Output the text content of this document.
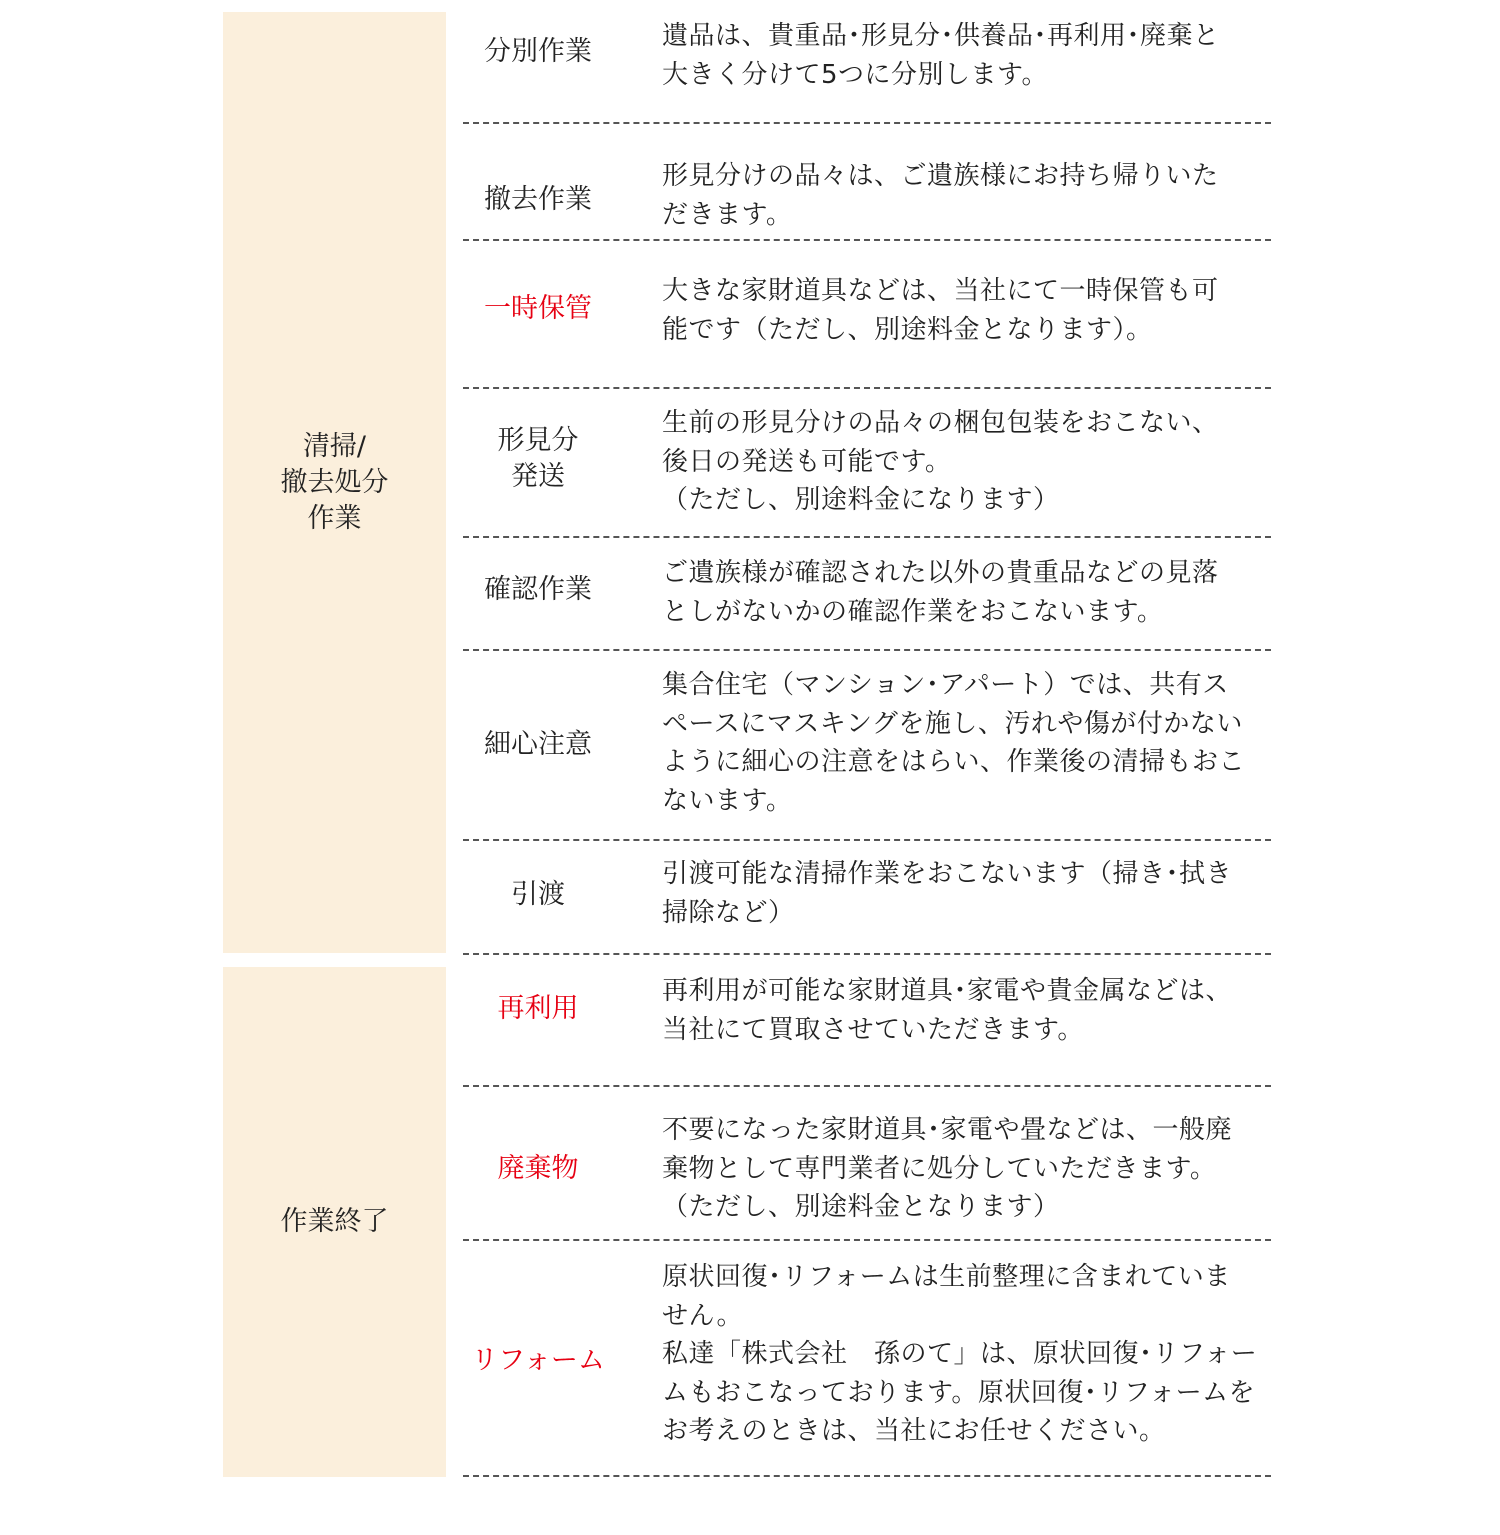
清掃/
撤去処分
作業
分別作業	遺品は、貴重品･形見分･供養品･再利用･廃棄と
大きく分けて5つに分別します。
撤去作業
形見分けの品々は、ご遺族様にお持ち帰りいた
だきます。
一時保管
大きな家財道具などは、当社にて一時保管も可
能です（ただし、別途料金となります）。
形見分
発送
生前の形見分けの品々の梱包包装をおこない、
後日の発送も可能です。
（ただし、別途料金になります）
確認作業
ご遺族様が確認された以外の貴重品などの見落
としがないかの確認作業をおこないます。
細心注意
集合住宅（マンション･アパート）では、共有ス
ペースにマスキングを施し、汚れや傷が付かない
ように細心の注意をはらい、作業後の清掃もおこ
ないます。
引渡
引渡可能な清掃作業をおこないます（掃き･拭き
掃除など）
作業終了
再利用
再利用が可能な家財道具･家電や貴金属などは、
当社にて買取させていただきます。
廃棄物
不要になった家財道具･家電や畳などは、一般廃
棄物として専門業者に処分していただきます。
（ただし、別途料金となります）
リフォーム
原状回復･リフォームは生前整理に含まれていま
せん。
私達「株式会社　孫のて」は、原状回復･リフォー
ムもおこなっております。原状回復･リフォームを
お考えのときは、当社にお任せください。
